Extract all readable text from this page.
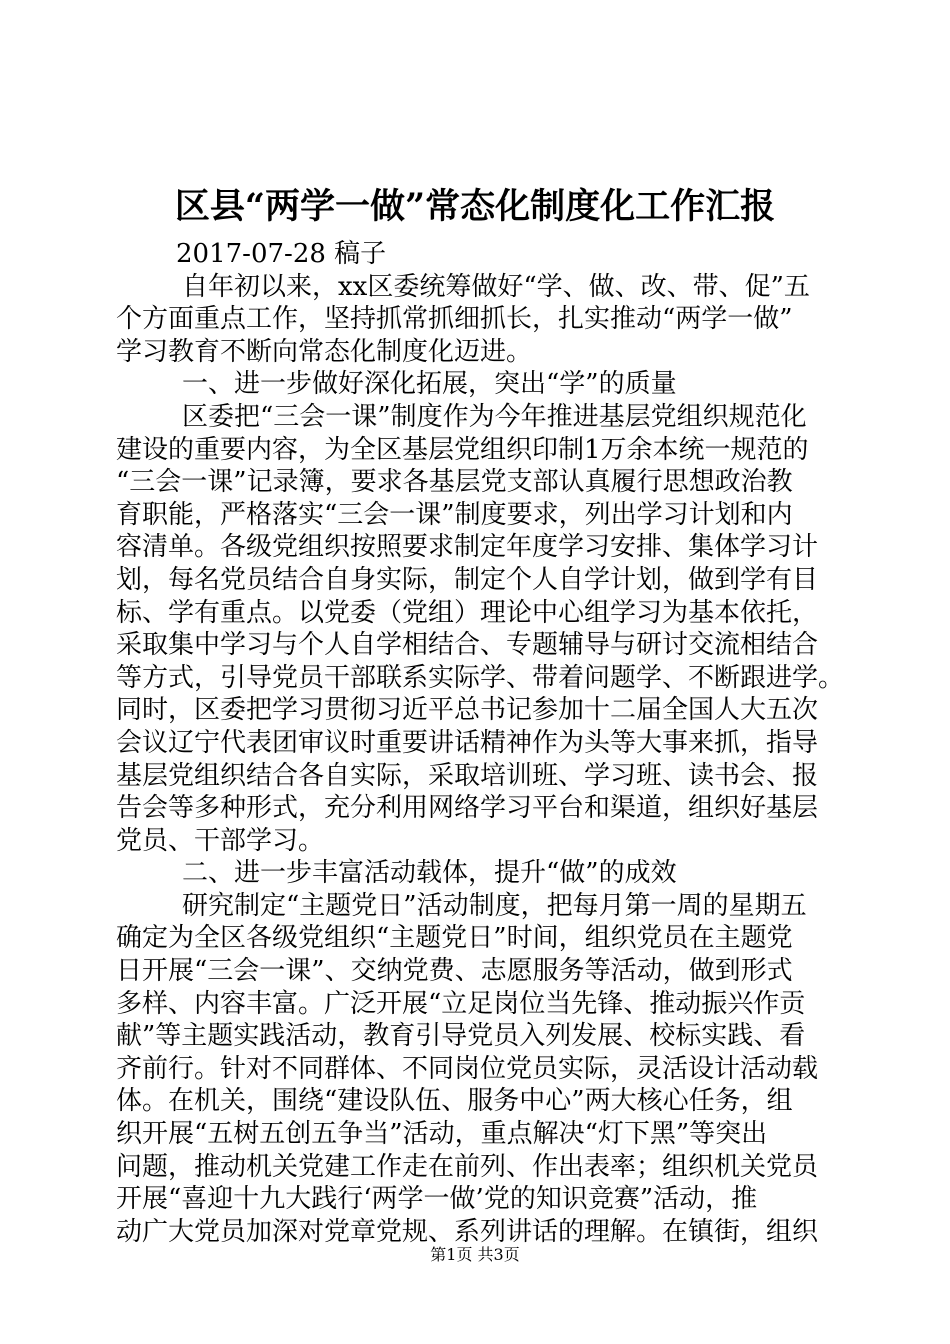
区县“两学一做”常态化制度化工作汇报
2017-07-28 稿子
自年初以来，xx区委统筹做好“学、做、改、带、促”五
个方面重点工作，坚持抓常抓细抓长，扎实推动“两学一做”
学习教育不断向常态化制度化迈进。
一、进一步做好深化拓展，突出“学”的质量
区委把“三会一课”制度作为今年推进基层党组织规范化
建设的重要内容，为全区基层党组织印制1万余本统一规范的
“三会一课”记录簿，要求各基层党支部认真履行思想政治教
育职能，严格落实“三会一课”制度要求，列出学习计划和内
容清单。各级党组织按照要求制定年度学习安排、集体学习计
划，每名党员结合自身实际，制定个人自学计划，做到学有目
标、学有重点。以党委（党组）理论中心组学习为基本依托，
采取集中学习与个人自学相结合、专题辅导与研讨交流相结合
等方式，引导党员干部联系实际学、带着问题学、不断跟进学。
同时，区委把学习贯彻习近平总书记参加十二届全国人大五次
会议辽宁代表团审议时重要讲话精神作为头等大事来抓，指导
基层党组织结合各自实际，采取培训班、学习班、读书会、报
告会等多种形式，充分利用网络学习平台和渠道，组织好基层
党员、干部学习。
二、进一步丰富活动载体，提升“做”的成效
研究制定“主题党日”活动制度，把每月第一周的星期五
确定为全区各级党组织“主题党日”时间，组织党员在主题党
日开展“三会一课”、交纳党费、志愿服务等活动，做到形式
多样、内容丰富。广泛开展“立足岗位当先锋、推动振兴作贡
献”等主题实践活动，教育引导党员入列发展、校标实践、看
齐前行。针对不同群体、不同岗位党员实际，灵活设计活动载
体。在机关，围绕“建设队伍、服务中心”两大核心任务，组
织开展“五树五创五争当”活动，重点解决“灯下黑”等突出
问题，推动机关党建工作走在前列、作出表率；组织机关党员
开展“喜迎十九大践行‘两学一做’党的知识竞赛”活动，推
动广大党员加深对党章党规、系列讲话的理解。在镇街，组织
第1页 共3页
